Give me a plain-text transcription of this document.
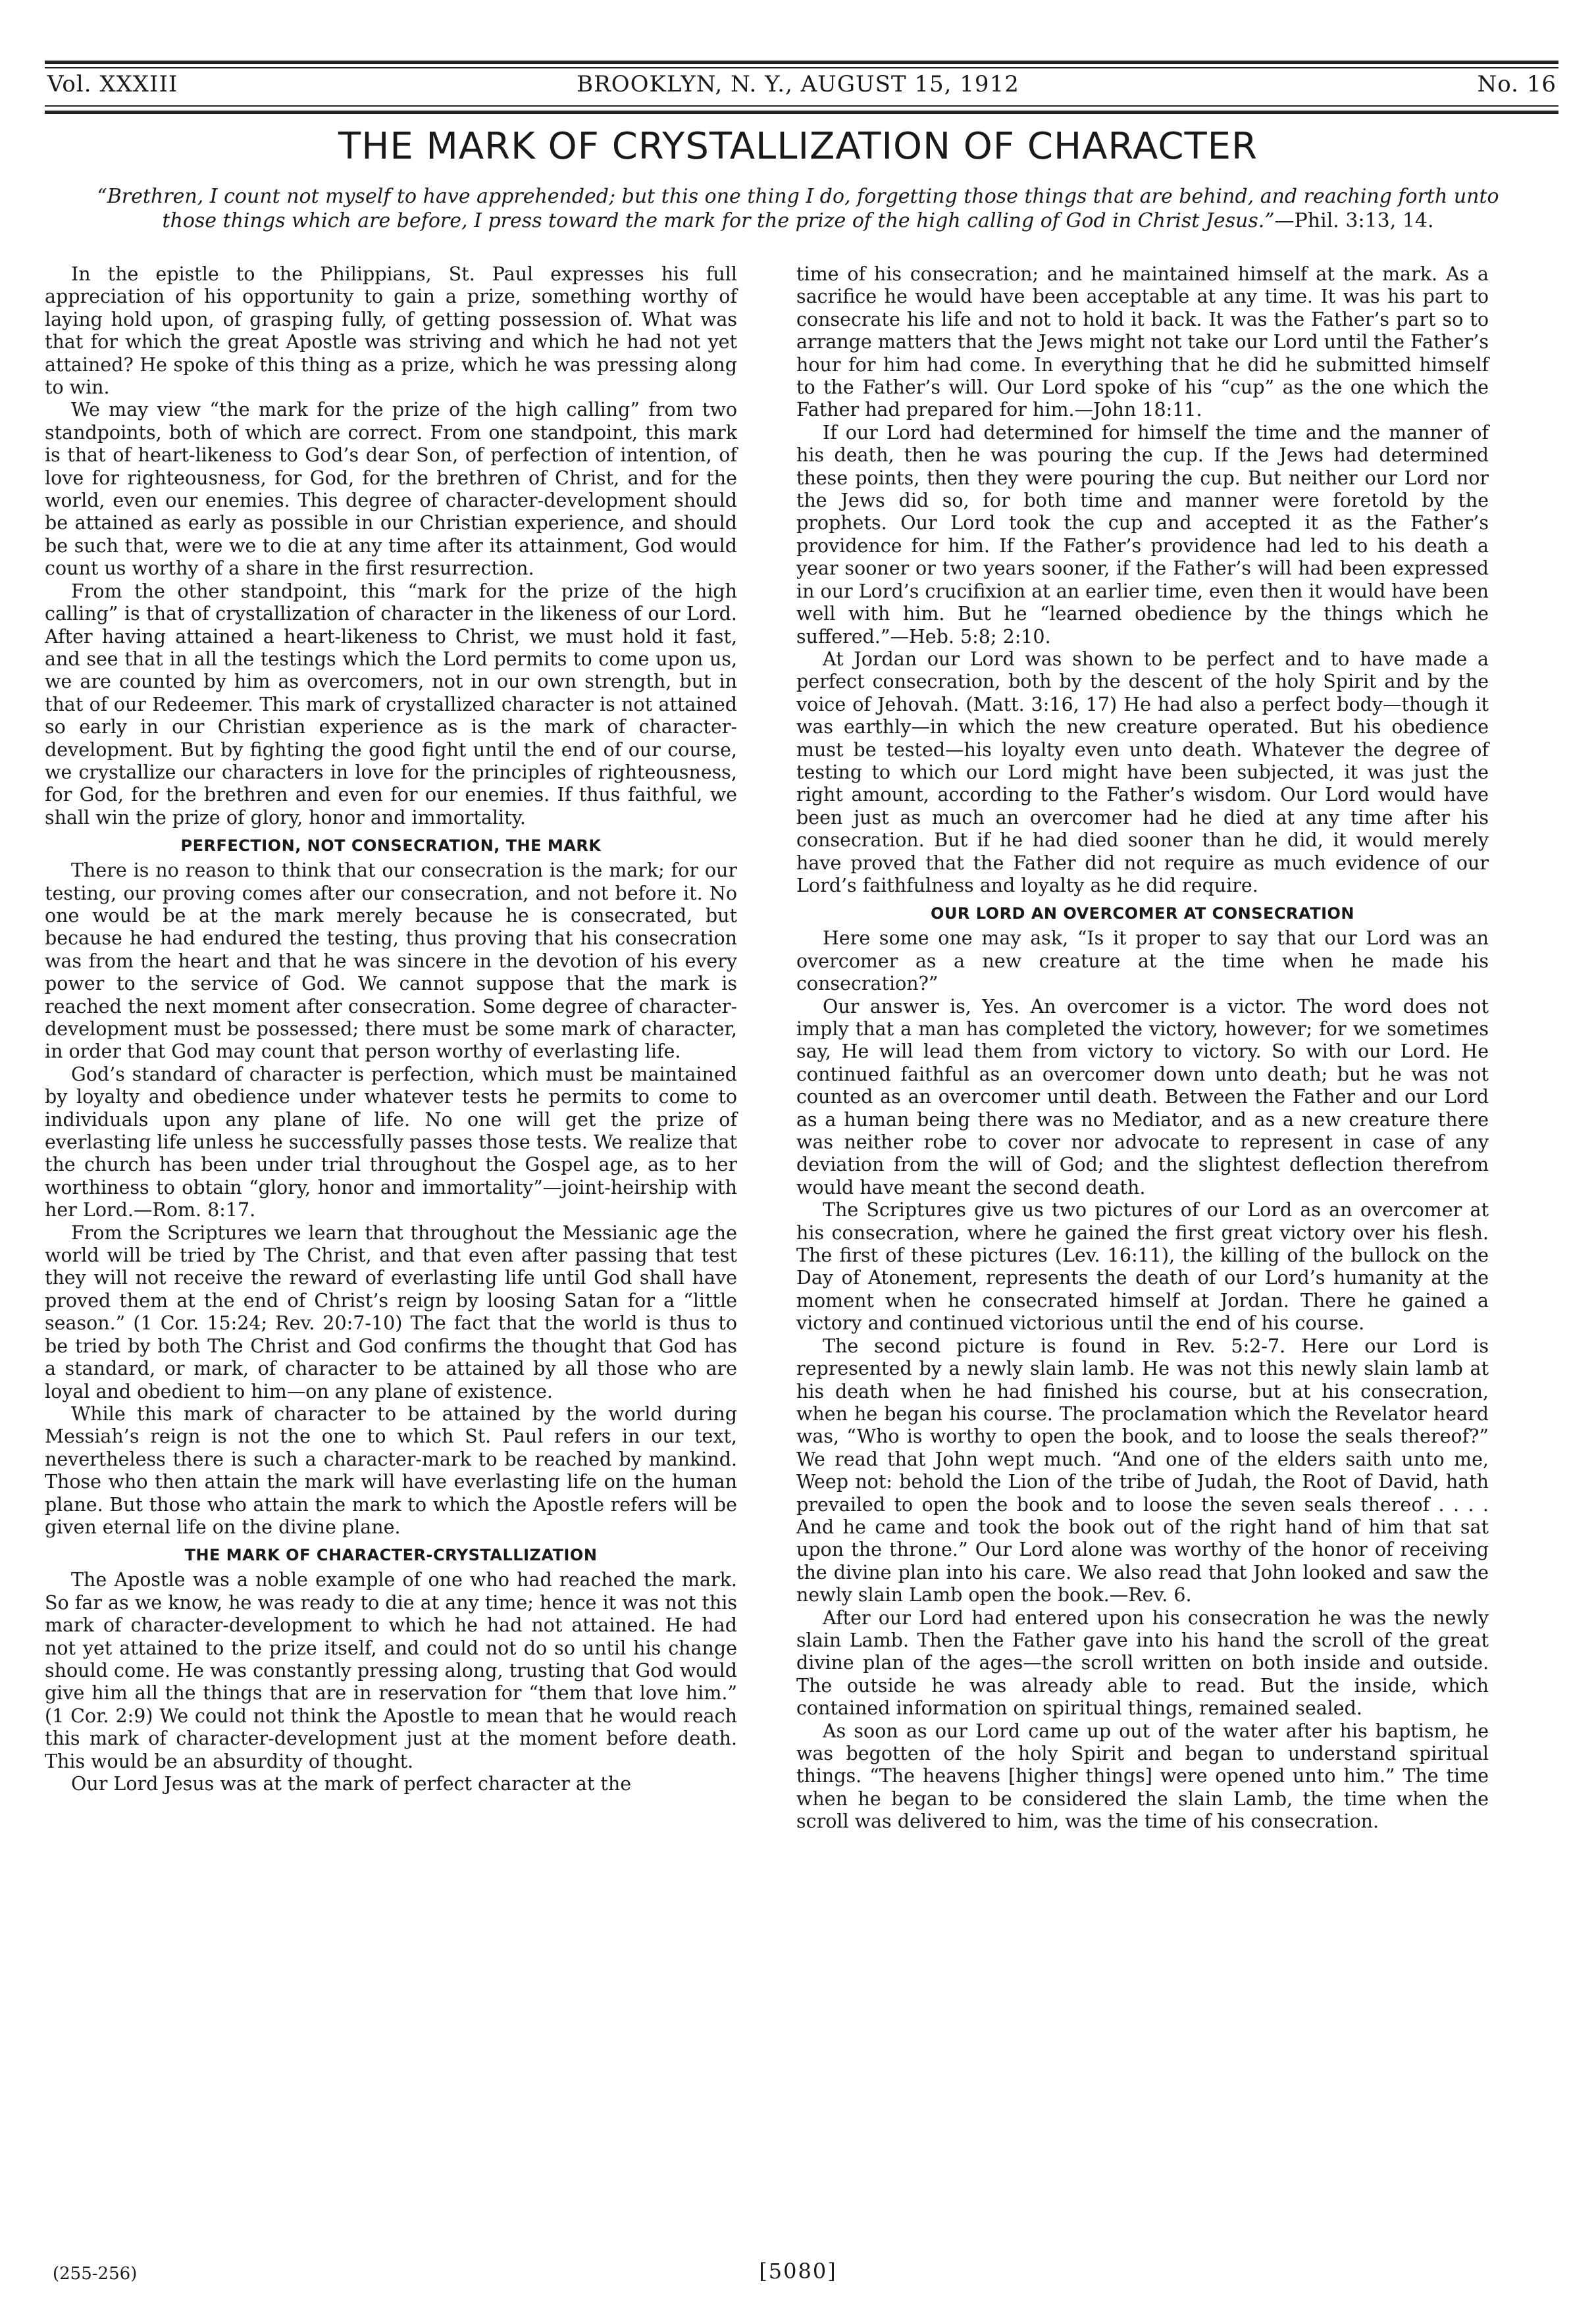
Vol. XXXIII	BROOKLYN, N. Y., AUGUST 15, 1912	No. 16
THE MARK OF CRYSTALLIZATION OF CHARACTER
“Brethren, I count not myself to have apprehended; but this one thing I do, forgetting those things that are behind, and reaching forth unto those things which are before, I press toward the mark for the prize of the high calling of God in Christ Jesus.”—Phil. 3:13, 14.

In the epistle to the Philippians, St. Paul expresses his full appreciation of his opportunity to gain a prize, something worthy of laying hold upon, of grasping fully, of getting possession of. What was that for which the great Apostle was striving and which he had not yet attained? He spoke of this thing as a prize, which he was pressing along to win.

We may view “the mark for the prize of the high calling” from two standpoints, both of which are correct. From one standpoint, this mark is that of heart-likeness to God’s dear Son, of perfection of intention, of love for righteousness, for God, for the brethren of Christ, and for the world, even our enemies. This degree of character-development should be attained as early as possible in our Christian experience, and should be such that, were we to die at any time after its attainment, God would count us worthy of a share in the first resurrection.

From the other standpoint, this “mark for the prize of the high calling” is that of crystallization of character in the likeness of our Lord. After having attained a heart-likeness to Christ, we must hold it fast, and see that in all the testings which the Lord permits to come upon us, we are counted by him as overcomers, not in our own strength, but in that of our Redeemer. This mark of crystallized character is not attained so early in our Christian experience as is the mark of character-development. But by fighting the good fight until the end of our course, we crystallize our characters in love for the principles of righteousness, for God, for the brethren and even for our enemies. If thus faithful, we shall win the prize of glory, honor and immortality.

PERFECTION, NOT CONSECRATION, THE MARK

There is no reason to think that our consecration is the mark; for our testing, our proving comes after our consecration, and not before it. No one would be at the mark merely because he is consecrated, but because he had endured the testing, thus proving that his consecration was from the heart and that he was sincere in the devotion of his every power to the service of God. We cannot suppose that the mark is reached the next moment after consecration. Some degree of character-development must be possessed; there must be some mark of character, in order that God may count that person worthy of everlasting life.

God’s standard of character is perfection, which must be maintained by loyalty and obedience under whatever tests he permits to come to individuals upon any plane of life. No one will get the prize of everlasting life unless he successfully passes those tests. We realize that the church has been under trial throughout the Gospel age, as to her worthiness to obtain “glory, honor and immortality”—joint-heirship with her Lord.—Rom. 8:17.

From the Scriptures we learn that throughout the Messianic age the world will be tried by The Christ, and that even after passing that test they will not receive the reward of everlasting life until God shall have proved them at the end of Christ’s reign by loosing Satan for a “little season.” (1 Cor. 15:24; Rev. 20:7-10) The fact that the world is thus to be tried by both The Christ and God confirms the thought that God has a standard, or mark, of character to be attained by all those who are loyal and obedient to him—on any plane of existence.

While this mark of character to be attained by the world during Messiah’s reign is not the one to which St. Paul refers in our text, nevertheless there is such a character-mark to be reached by mankind. Those who then attain the mark will have everlasting life on the human plane. But those who attain the mark to which the Apostle refers will be given eternal life on the divine plane.

THE MARK OF CHARACTER-CRYSTALLIZATION

The Apostle was a noble example of one who had reached the mark. So far as we know, he was ready to die at any time; hence it was not this mark of character-development to which he had not attained. He had not yet attained to the prize itself, and could not do so until his change should come. He was constantly pressing along, trusting that God would give him all the things that are in reservation for “them that love him.” (1 Cor. 2:9) We could not think the Apostle to mean that he would reach this mark of character-development just at the moment before death. This would be an absurdity of thought.

Our Lord Jesus was at the mark of perfect character at the

time of his consecration; and he maintained himself at the mark. As a sacrifice he would have been acceptable at any time. It was his part to consecrate his life and not to hold it back. It was the Father’s part so to arrange matters that the Jews might not take our Lord until the Father’s hour for him had come. In everything that he did he submitted himself to the Father’s will. Our Lord spoke of his “cup” as the one which the Father had prepared for him.—John 18:11.

If our Lord had determined for himself the time and the manner of his death, then he was pouring the cup. If the Jews had determined these points, then they were pouring the cup. But neither our Lord nor the Jews did so, for both time and manner were foretold by the prophets. Our Lord took the cup and accepted it as the Father’s providence for him. If the Father’s providence had led to his death a year sooner or two years sooner, if the Father’s will had been expressed in our Lord’s crucifixion at an earlier time, even then it would have been well with him. But he “learned obedience by the things which he suffered.”—Heb. 5:8; 2:10.

At Jordan our Lord was shown to be perfect and to have made a perfect consecration, both by the descent of the holy Spirit and by the voice of Jehovah. (Matt. 3:16, 17) He had also a perfect body—though it was earthly—in which the new creature operated. But his obedience must be tested—his loyalty even unto death. Whatever the degree of testing to which our Lord might have been subjected, it was just the right amount, according to the Father’s wisdom. Our Lord would have been just as much an overcomer had he died at any time after his consecration. But if he had died sooner than he did, it would merely have proved that the Father did not require as much evidence of our Lord’s faithfulness and loyalty as he did require.

OUR LORD AN OVERCOMER AT CONSECRATION

Here some one may ask, “Is it proper to say that our Lord was an overcomer as a new creature at the time when he made his consecration?”

Our answer is, Yes. An overcomer is a victor. The word does not imply that a man has completed the victory, however; for we sometimes say, He will lead them from victory to victory. So with our Lord. He continued faithful as an overcomer down unto death; but he was not counted as an overcomer until death. Between the Father and our Lord as a human being there was no Mediator, and as a new creature there was neither robe to cover nor advocate to represent in case of any deviation from the will of God; and the slightest deflection therefrom would have meant the second death.

The Scriptures give us two pictures of our Lord as an overcomer at his consecration, where he gained the first great victory over his flesh. The first of these pictures (Lev. 16:11), the killing of the bullock on the Day of Atonement, represents the death of our Lord’s humanity at the moment when he consecrated himself at Jordan. There he gained a victory and continued victorious until the end of his course.

The second picture is found in Rev. 5:2-7. Here our Lord is represented by a newly slain lamb. He was not this newly slain lamb at his death when he had finished his course, but at his consecration, when he began his course. The proclamation which the Revelator heard was, “Who is worthy to open the book, and to loose the seals thereof?” We read that John wept much. “And one of the elders saith unto me, Weep not: behold the Lion of the tribe of Judah, the Root of David, hath prevailed to open the book and to loose the seven seals thereof . . . . And he came and took the book out of the right hand of him that sat upon the throne.” Our Lord alone was worthy of the honor of receiving the divine plan into his care. We also read that John looked and saw the newly slain Lamb open the book.—Rev. 6.

After our Lord had entered upon his consecration he was the newly slain Lamb. Then the Father gave into his hand the scroll of the great divine plan of the ages—the scroll written on both inside and outside. The outside he was already able to read. But the inside, which contained information on spiritual things, remained sealed.

As soon as our Lord came up out of the water after his baptism, he was begotten of the holy Spirit and began to understand spiritual things. “The heavens [higher things] were opened unto him.” The time when he began to be considered the slain Lamb, the time when the scroll was delivered to him, was the time of his consecration.

(255-256)	[5080]
